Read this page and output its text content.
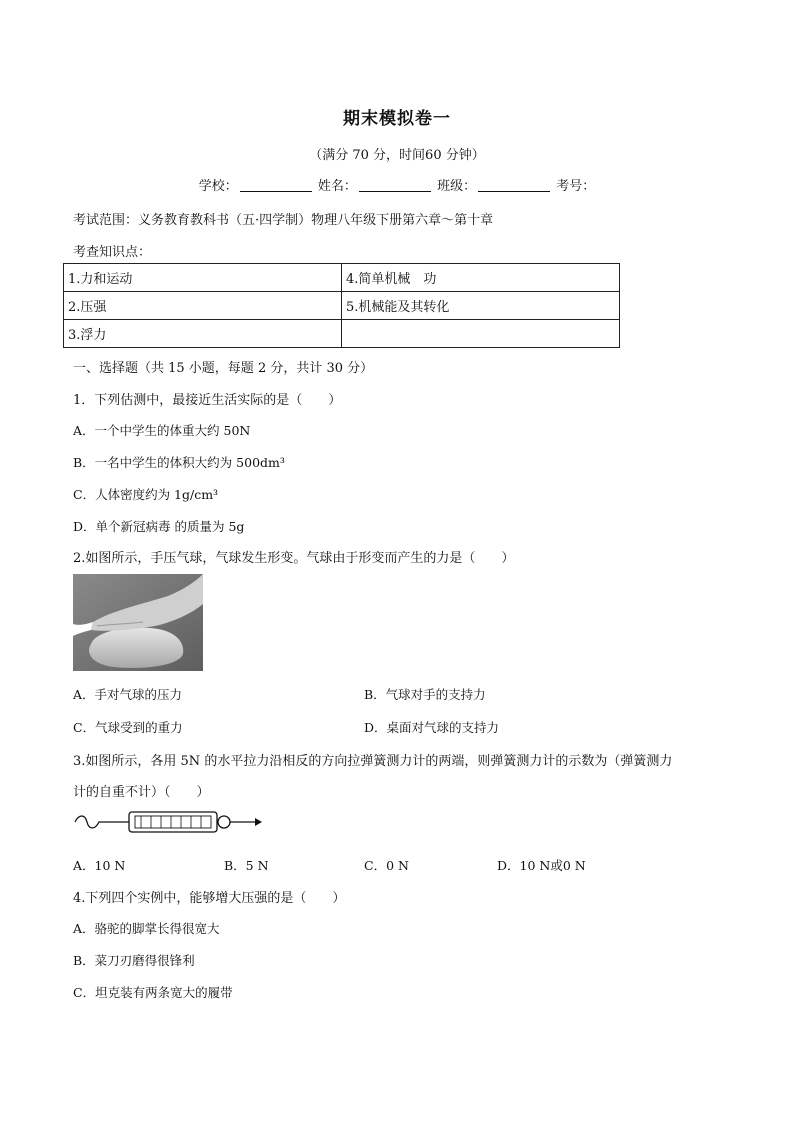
期末模拟卷一
（满分 70 分，时间60 分钟）
学校：	姓名：	班级：	考号：
考试范围：义务教育教科书（五·四学制）物理八年级下册第六章～第十章
考查知识点：
1.力和运动	4.简单机械　功
2.压强	5.机械能及其转化
3.浮力	
一、选择题（共 15 小题，每题 2 分，共计 30 分）
1．下列估测中，最接近生活实际的是（　　）
A．一个中学生的体重大约 50N
B．一名中学生的体积大约为 500dm³
C．人体密度约为 1g/cm³
D．单个新冠病毒 的质量为 5g
2.如图所示，手压气球，气球发生形变。气球由于形变而产生的力是（　　）
A．手对气球的压力	B．气球对手的支持力
C．气球受到的重力	D．桌面对气球的支持力
3.如图所示，各用 5N 的水平拉力沿相反的方向拉弹簧测力计的两端，则弹簧测力计的示数为（弹簧测力
计的自重不计）（　　）
A．10 N	B．5 N	C．0 N	D．10 N或0 N
4.下列四个实例中，能够增大压强的是（　　）
A．骆驼的脚掌长得很宽大
B．菜刀刃磨得很锋利
C．坦克装有两条宽大的履带
